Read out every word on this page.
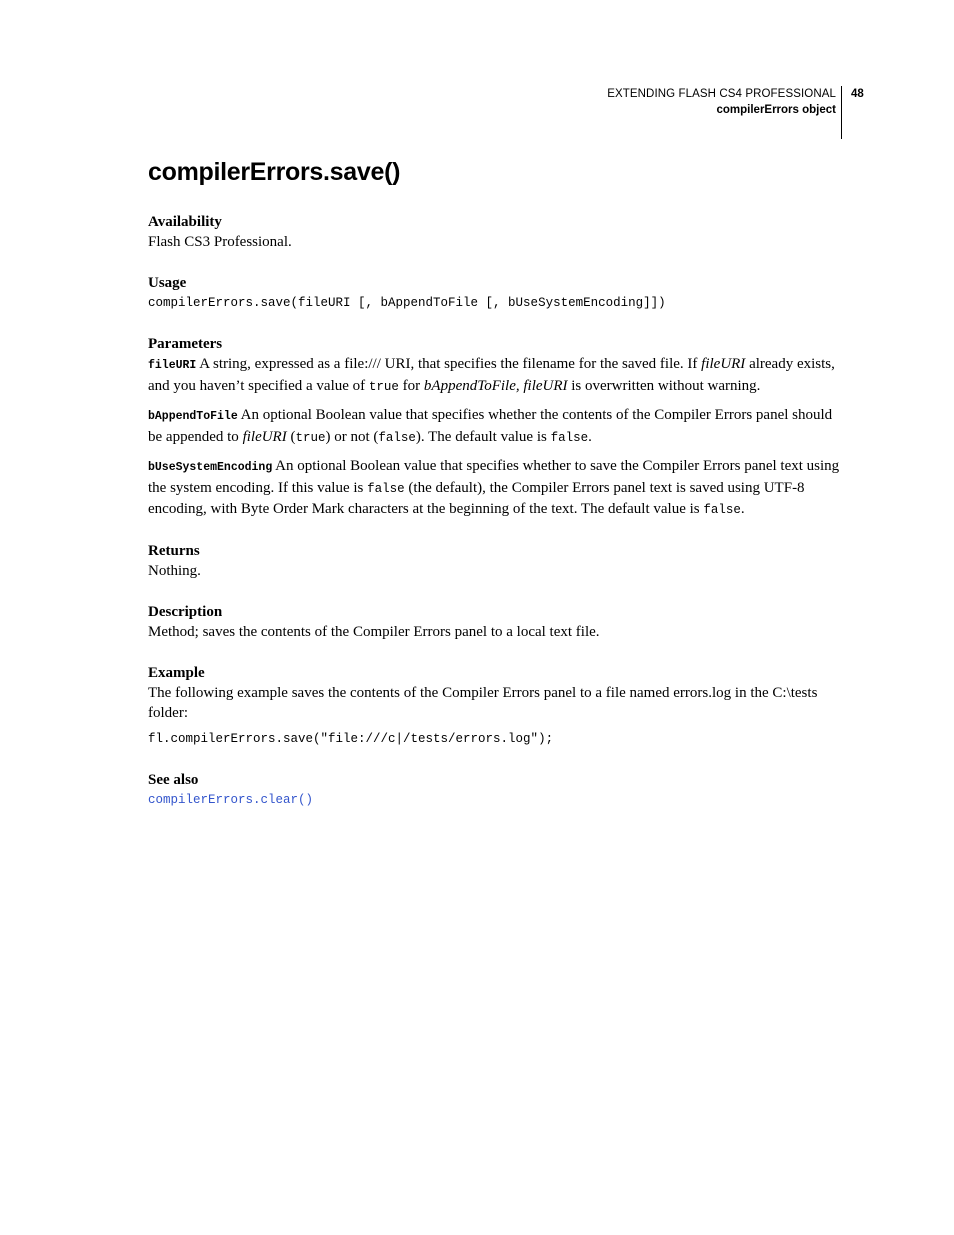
EXTENDING FLASH CS4 PROFESSIONAL
compilerErrors object
48
compilerErrors.save()

Availability

Flash CS3 Professional.

Usage

compilerErrors.save(fileURI [, bAppendToFile [, bUseSystemEncoding]])

Parameters

fileURI A string, expressed as a file:/// URI, that specifies the filename for the saved file. If fileURI already exists, and you haven’t specified a value of true for bAppendToFile, fileURI is overwritten without warning.

bAppendToFile An optional Boolean value that specifies whether the contents of the Compiler Errors panel should be appended to fileURI (true) or not (false). The default value is false.

bUseSystemEncoding An optional Boolean value that specifies whether to save the Compiler Errors panel text using the system encoding. If this value is false (the default), the Compiler Errors panel text is saved using UTF-8 encoding, with Byte Order Mark characters at the beginning of the text. The default value is false.

Returns

Nothing.

Description

Method; saves the contents of the Compiler Errors panel to a local text file.

Example

The following example saves the contents of the Compiler Errors panel to a file named errors.log in the C:\tests folder:

fl.compilerErrors.save("file:///c|/tests/errors.log");

See also

compilerErrors.clear()
